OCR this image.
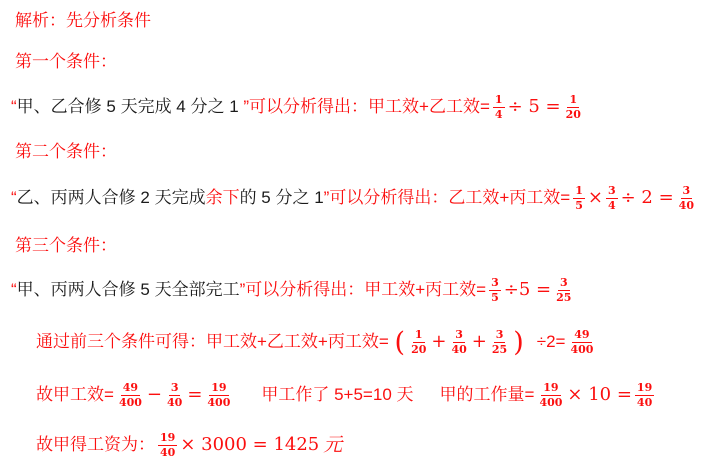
解析：先分析条件
第一个条件：
“ 甲、乙合修 5 天完成 4 分之 1 ”可以分析得出：甲工效+乙工效= $\frac{1}{4} \div 5 = \frac{1}{20}$
第二个条件：
“ 乙、丙两人合修 2 天完成 余下 的 5 分之 1 ”可以分析得出：乙工效+丙工效= $\frac{1}{5} \times \frac{3}{4} \div 2 = \frac{3}{40}$
第三个条件：
“ 甲、丙两人合修 5 天全部完工 ”可以分析得出：甲工效+丙工效= $\frac{3}{5} \div 5 = \frac{3}{25}$
通过前三个条件可得：甲工效+乙工效+丙工效= ( $\frac{1}{20} + \frac{3}{40} + \frac{3}{25}$ ) $\div 2= \frac{49}{400}$
故甲工效= $\frac{49}{400} - \frac{3}{40} = \frac{19}{400}$ 甲工作了 5+5=10 天 甲的工作量= $\frac{19}{400} \times 10 = \frac{19}{40}$
故甲得工资为： $\frac{19}{40} \times 3000 = 1425$ 元
